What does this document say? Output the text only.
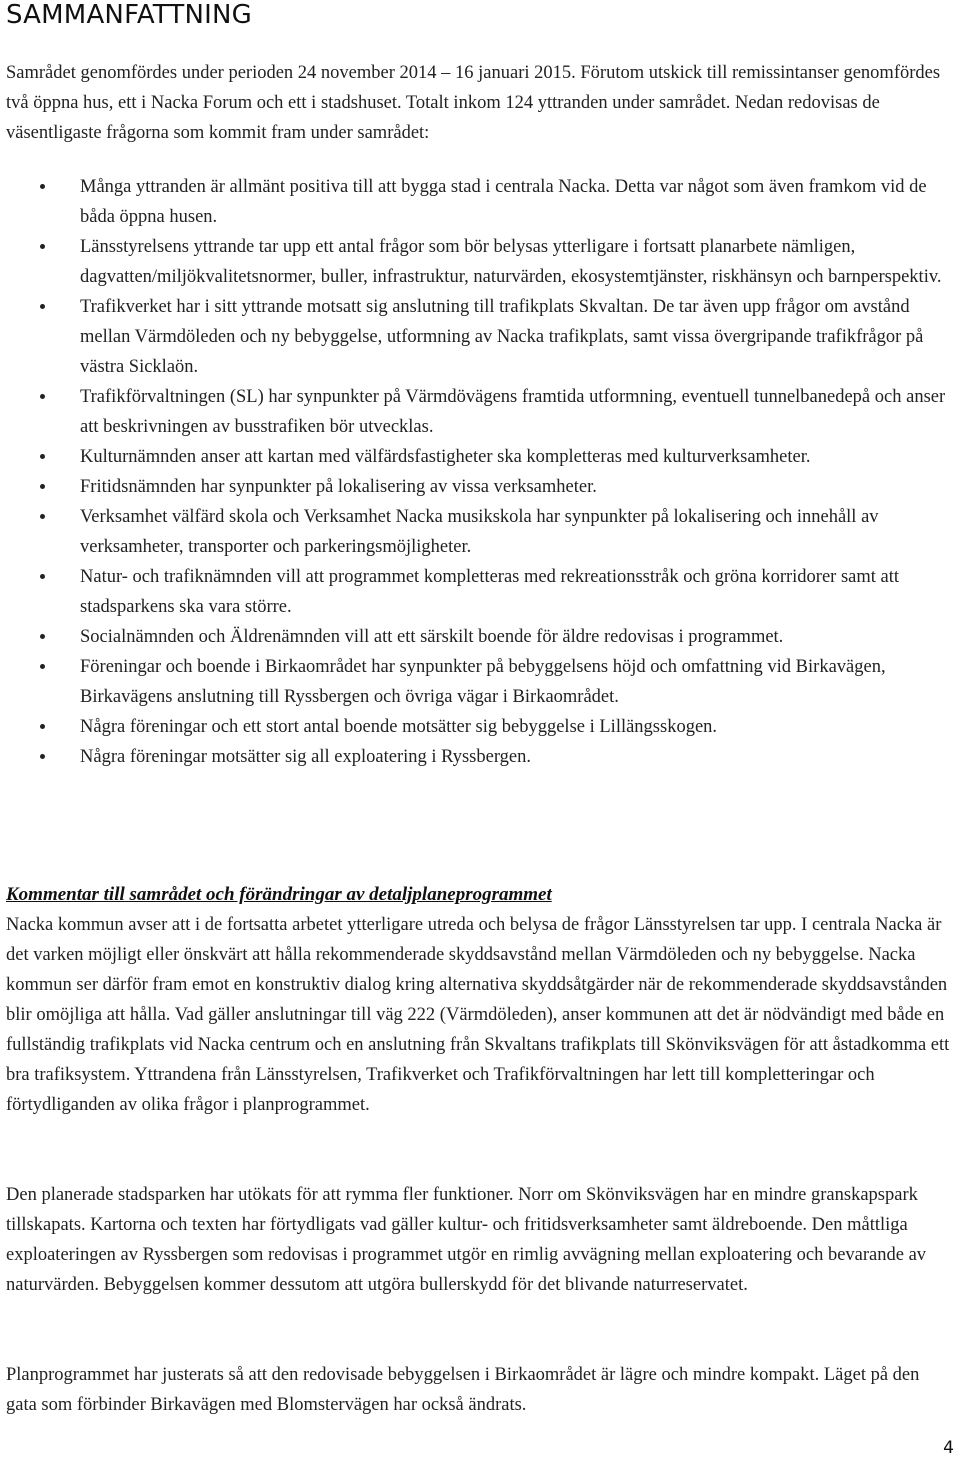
SAMMANFATTNING

Samrådet genomfördes under perioden 24 november 2014 – 16 januari 2015. Förutom utskick till remissintanser genomfördes två öppna hus, ett i Nacka Forum och ett i stadshuset. Totalt inkom 124 yttranden under samrådet. Nedan redovisas de väsentligaste frågorna som kommit fram under samrådet:

Många yttranden är allmänt positiva till att bygga stad i centrala Nacka. Detta var något som även framkom vid de båda öppna husen.
Länsstyrelsens yttrande tar upp ett antal frågor som bör belysas ytterligare i fortsatt planarbete nämligen, dagvatten/miljökvalitetsnormer, buller, infrastruktur, naturvärden, ekosystemtjänster, riskhänsyn och barnperspektiv.
Trafikverket har i sitt yttrande motsatt sig anslutning till trafikplats Skvaltan. De tar även upp frågor om avstånd mellan Värmdöleden och ny bebyggelse, utformning av Nacka trafikplats, samt vissa övergripande trafikfrågor på västra Sicklaön.
Trafikförvaltningen (SL) har synpunkter på Värmdövägens framtida utformning, eventuell tunnelbanedepå och anser att beskrivningen av busstrafiken bör utvecklas.
Kulturnämnden anser att kartan med välfärdsfastigheter ska kompletteras med kulturverksamheter.
Fritidsnämnden har synpunkter på lokalisering av vissa verksamheter.
Verksamhet välfärd skola och Verksamhet Nacka musikskola har synpunkter på lokalisering och innehåll av verksamheter, transporter och parkeringsmöjligheter.
Natur- och trafiknämnden vill att programmet kompletteras med rekreationsstråk och gröna korridorer samt att stadsparkens ska vara större.
Socialnämnden och Äldrenämnden vill att ett särskilt boende för äldre redovisas i programmet.
Föreningar och boende i Birkaområdet har synpunkter på bebyggelsens höjd och omfattning vid Birkavägen, Birkavägens anslutning till Ryssbergen och övriga vägar i Birkaområdet.
Några föreningar och ett stort antal boende motsätter sig bebyggelse i Lillängsskogen.
Några föreningar motsätter sig all exploatering i Ryssbergen.
Kommentar till samrådet och förändringar av detaljplaneprogrammet

Nacka kommun avser att i de fortsatta arbetet ytterligare utreda och belysa de frågor Länsstyrelsen tar upp. I centrala Nacka är det varken möjligt eller önskvärt att hålla rekommenderade skyddsavstånd mellan Värmdöleden och ny bebyggelse. Nacka kommun ser därför fram emot en konstruktiv dialog kring alternativa skyddsåtgärder när de rekommenderade skyddsavstånden blir omöjliga att hålla. Vad gäller anslutningar till väg 222 (Värmdöleden), anser kommunen att det är nödvändigt med både en fullständig trafikplats vid Nacka centrum och en anslutning från Skvaltans trafikplats till Skönviksvägen för att åstadkomma ett bra trafiksystem. Yttrandena från Länsstyrelsen, Trafikverket och Trafikförvaltningen har lett till kompletteringar och förtydliganden av olika frågor i planprogrammet.

Den planerade stadsparken har utökats för att rymma fler funktioner. Norr om Skönviksvägen har en mindre granskapspark tillskapats. Kartorna och texten har förtydligats vad gäller kultur- och fritidsverksamheter samt äldreboende. Den måttliga exploateringen av Ryssbergen som redovisas i programmet utgör en rimlig avvägning mellan exploatering och bevarande av naturvärden. Bebyggelsen kommer dessutom att utgöra bullerskydd för det blivande naturreservatet.

Planprogrammet har justerats så att den redovisade bebyggelsen i Birkaområdet är lägre och mindre kompakt. Läget på den gata som förbinder Birkavägen med Blomstervägen har också ändrats.

4
